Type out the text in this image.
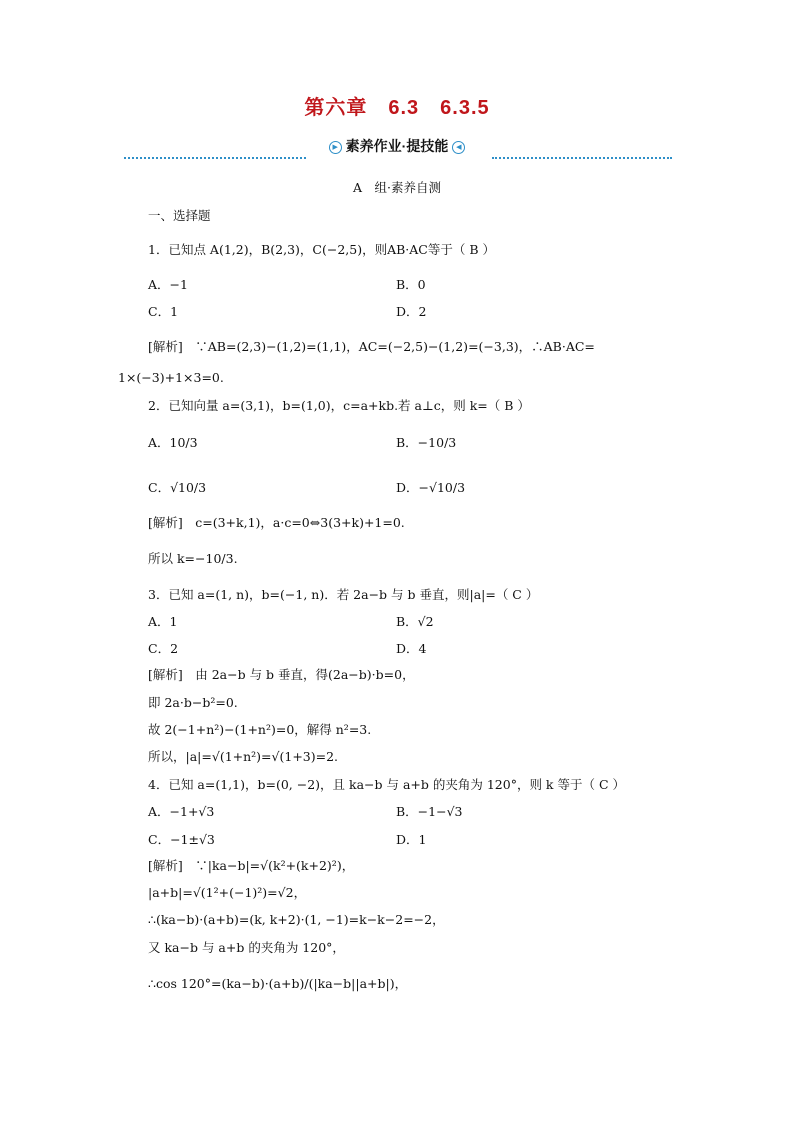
第六章　6.3　6.3.5
▶ 素养作业·提技能 ◀
A　组·素养自测
一、选择题
1．已知点 A(1,2)，B(2,3)，C(−2,5)，则AB·AC等于（ B ）
A．−1	B．0
C．1	D．2
[解析]　∵AB=(2,3)−(1,2)=(1,1)，AC=(−2,5)−(1,2)=(−3,3)，∴AB·AC=
1×(−3)+1×3=0.
2．已知向量 a=(3,1)，b=(1,0)，c=a+kb.若 a⊥c，则 k=（ B ）
A．10/3	B．−10/3
C．√10/3	D．−√10/3
[解析]　c=(3+k,1)，a·c=0⇔3(3+k)+1=0.
所以 k=−10/3.
3．已知 a=(1, n)，b=(−1, n)．若 2a−b 与 b 垂直，则|a|=（ C ）
A．1	B．√2
C．2	D．4
[解析]　由 2a−b 与 b 垂直，得(2a−b)·b=0，
即 2a·b−b²=0.
故 2(−1+n²)−(1+n²)=0，解得 n²=3.
所以，|a|=√(1+n²)=√(1+3)=2.
4．已知 a=(1,1)，b=(0, −2)，且 ka−b 与 a+b 的夹角为 120°，则 k 等于（ C ）
A．−1+√3	B．−1−√3
C．−1±√3	D．1
[解析]　∵|ka−b|=√(k²+(k+2)²)，
|a+b|=√(1²+(−1)²)=√2，
∴(ka−b)·(a+b)=(k, k+2)·(1, −1)=k−k−2=−2，
又 ka−b 与 a+b 的夹角为 120°，
∴cos 120°=(ka−b)·(a+b)/(|ka−b||a+b|)，
